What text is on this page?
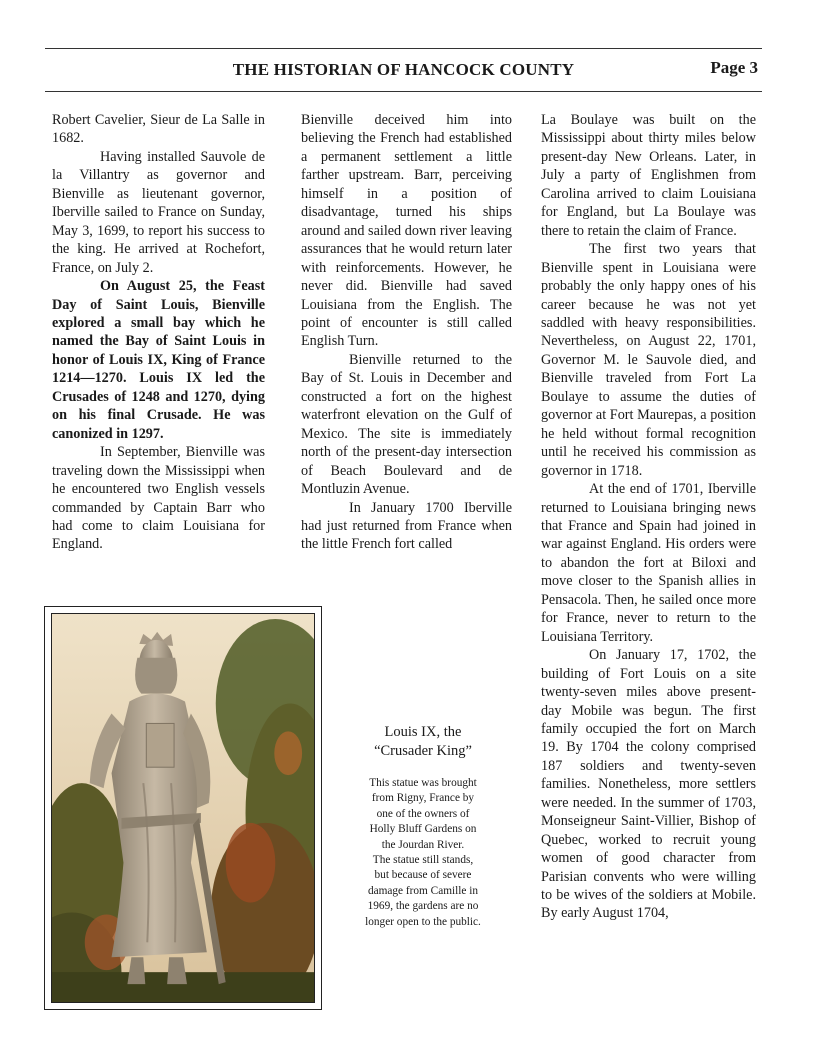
THE HISTORIAN OF HANCOCK COUNTY	Page 3

Robert Cavelier, Sieur de La Salle in 1682.

Having installed Sauvole de la Villantry as governor and Bienville as lieutenant governor, Iberville sailed to France on Sunday, May 3, 1699, to report his success to the king. He arrived at Rochefort, France, on July 2.

On August 25, the Feast Day of Saint Louis, Bienville explored a small bay which he named the Bay of Saint Louis in honor of Louis IX, King of France 1214—1270. Louis IX led the Crusades of 1248 and 1270, dying on his final Crusade. He was canonized in 1297.

In September, Bienville was traveling down the Mississippi when he encountered two English vessels commanded by Captain Barr who had come to claim Louisiana for England.

Bienville deceived him into believing the French had established a permanent settlement a little farther upstream. Barr, perceiving himself in a position of disadvantage, turned his ships around and sailed down river leaving assurances that he would return later with reinforcements. However, he never did. Bienville had saved Louisiana from the English. The point of encounter is still called English Turn.

Bienville returned to the Bay of St. Louis in December and constructed a fort on the highest waterfront elevation on the Gulf of Mexico. The site is immediately north of the present-day intersection of Beach Boulevard and de Montluzin Avenue.

In January 1700 Iberville had just returned from France when the little French fort called

La Boulaye was built on the Mississippi about thirty miles below present-day New Orleans. Later, in July a party of Englishmen from Carolina arrived to claim Louisiana for England, but La Boulaye was there to retain the claim of France.

The first two years that Bienville spent in Louisiana were probably the only happy ones of his career because he was not yet saddled with heavy responsibilities. Nevertheless, on August 22, 1701, Governor M. le Sauvole died, and Bienville traveled from Fort La Boulaye to assume the duties of governor at Fort Maurepas, a position he held without formal recognition until he received his commission as governor in 1718.

At the end of 1701, Iberville returned to Louisiana bringing news that France and Spain had joined in war against England. His orders were to abandon the fort at Biloxi and move closer to the Spanish allies in Pensacola. Then, he sailed once more for France, never to return to the Louisiana Territory.

On January 17, 1702, the building of Fort Louis on a site twenty-seven miles above present-day Mobile was begun. The first family occupied the fort on March 19. By 1704 the colony comprised 187 soldiers and twenty-seven families. Nonetheless, more settlers were needed. In the summer of 1703, Monseigneur Saint-Villier, Bishop of Quebec, worked to recruit young women of good character from Parisian convents who were willing to be wives of the soldiers at Mobile. By early August 1704,

Louis IX, the
“Crusader King”
This statue was brought
from Rigny, France by
one of the owners of
Holly Bluff Gardens on
the Jourdan River.
The statue still stands,
but because of severe
damage from Camille in
1969, the gardens are no
longer open to the public.
